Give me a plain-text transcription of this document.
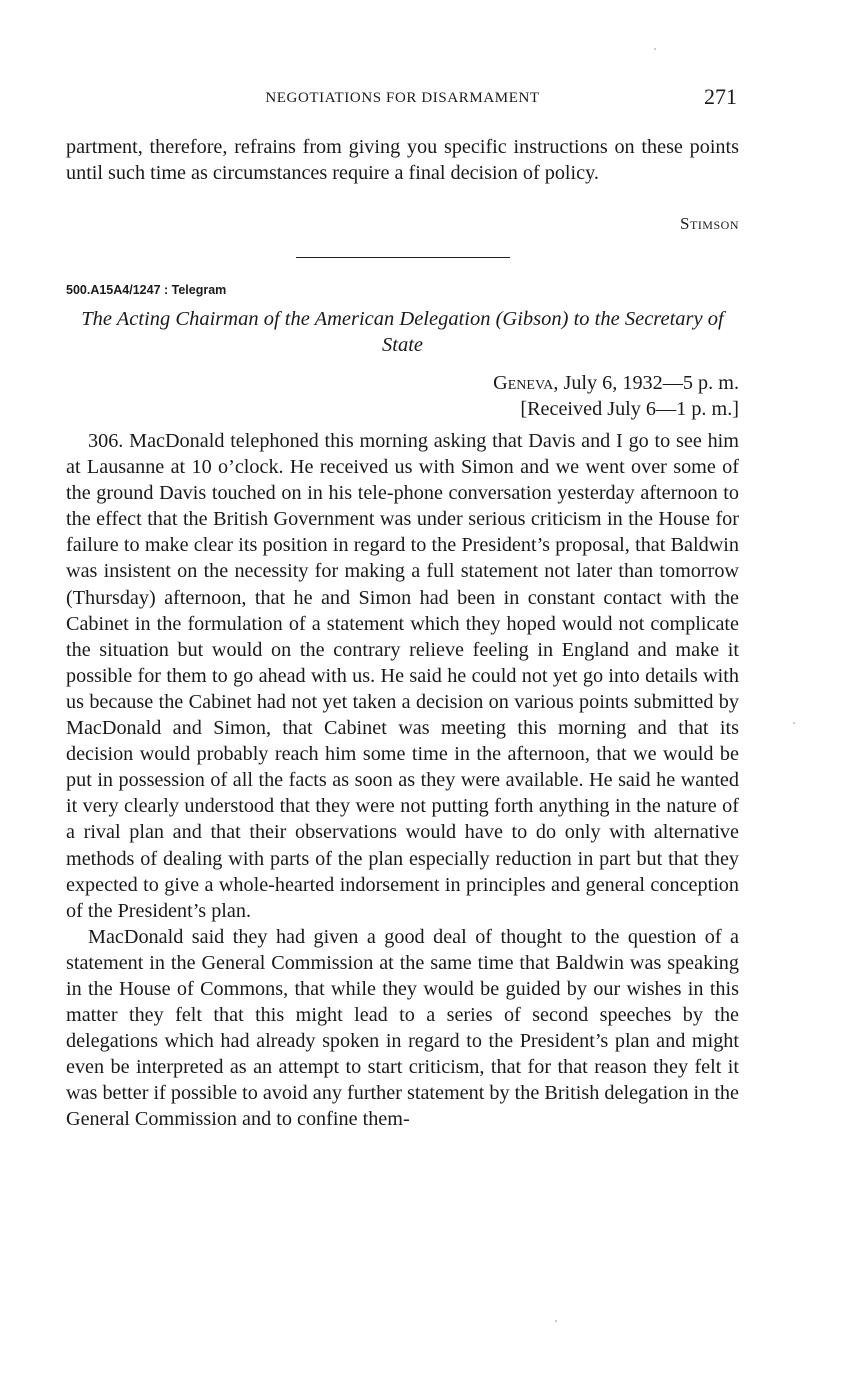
NEGOTIATIONS FOR DISARMAMENT	271

partment, therefore, refrains from giving you specific instructions on these points until such time as circumstances require a final decision of policy.

Stimson
500.A15A4/1247 : Telegram
The Acting Chairman of the American Delegation (Gibson) to the Secretary of State
Geneva, July 6, 1932—5 p. m.
[Received July 6—1 p. m.]

306. MacDonald telephoned this morning asking that Davis and I go to see him at Lausanne at 10 o’clock. He received us with Simon and we went over some of the ground Davis touched on in his tele-phone conversation yesterday afternoon to the effect that the British Government was under serious criticism in the House for failure to make clear its position in regard to the President’s proposal, that Baldwin was insistent on the necessity for making a full statement not later than tomorrow (Thursday) afternoon, that he and Simon had been in constant contact with the Cabinet in the formulation of a statement which they hoped would not complicate the situation but would on the contrary relieve feeling in England and make it possible for them to go ahead with us. He said he could not yet go into details with us because the Cabinet had not yet taken a decision on various points submitted by MacDonald and Simon, that Cabinet was meeting this morning and that its decision would probably reach him some time in the afternoon, that we would be put in possession of all the facts as soon as they were available. He said he wanted it very clearly understood that they were not putting forth anything in the nature of a rival plan and that their observations would have to do only with alternative methods of dealing with parts of the plan especially reduction in part but that they expected to give a whole-hearted indorsement in principles and general conception of the President’s plan.

MacDonald said they had given a good deal of thought to the question of a statement in the General Commission at the same time that Baldwin was speaking in the House of Commons, that while they would be guided by our wishes in this matter they felt that this might lead to a series of second speeches by the delegations which had already spoken in regard to the President’s plan and might even be interpreted as an attempt to start criticism, that for that reason they felt it was better if possible to avoid any further statement by the British delegation in the General Commission and to confine them-
